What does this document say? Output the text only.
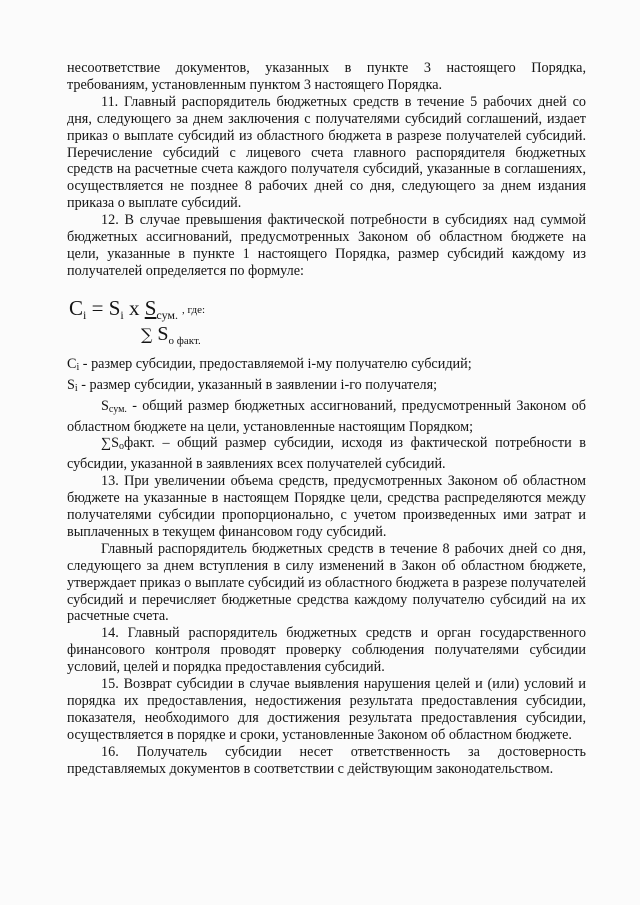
несоответствие документов, указанных в пункте 3 настоящего Порядка, требованиям, установленным пунктом 3 настоящего Порядка.

11. Главный распорядитель бюджетных средств в течение 5 рабочих дней со дня, следующего за днем заключения с получателями субсидий соглашений, издает приказ о выплате субсидий из областного бюджета в разрезе получателей субсидий. Перечисление субсидий с лицевого счета главного распорядителя бюджетных средств на расчетные счета каждого получателя субсидий, указанные в соглашениях, осуществляется не позднее 8 рабочих дней со дня, следующего за днем издания приказа о выплате субсидий.

12. В случае превышения фактической потребности в субсидиях над суммой бюджетных ассигнований, предусмотренных Законом об областном бюджете на цели, указанные в пункте 1 настоящего Порядка, размер субсидий каждому из получателей определяется по формуле:

$C_i = S_i$ x $S_{сум.}$ , где:
∑ $S_{о факт.}$

$C_i$ - размер субсидии, предоставляемой i-му получателю субсидий;

$S_i$ - размер субсидии, указанный в заявлении i-го получателя;

$S_{сум.}$ - общий размер бюджетных ассигнований, предусмотренный Законом об областном бюджете на цели, установленные настоящим Порядком;

$\sum S_офакт$. – общий размер субсидии, исходя из фактической потребности в субсидии, указанной в заявлениях всех получателей субсидий.

13. При увеличении объема средств, предусмотренных Законом об областном бюджете на указанные в настоящем Порядке цели, средства распределяются между получателями субсидии пропорционально, с учетом произведенных ими затрат и выплаченных в текущем финансовом году субсидий.

Главный распорядитель бюджетных средств в течение 8 рабочих дней со дня, следующего за днем вступления в силу изменений в Закон об областном бюджете, утверждает приказ о выплате субсидий из областного бюджета в разрезе получателей субсидий и перечисляет бюджетные средства каждому получателю субсидий на их расчетные счета.

14. Главный распорядитель бюджетных средств и орган государственного финансового контроля проводят проверку соблюдения получателями субсидии условий, целей и порядка предоставления субсидий.

15. Возврат субсидии в случае выявления нарушения целей и (или) условий и порядка их предоставления, недостижения результата предоставления субсидии, показателя, необходимого для достижения результата предоставления субсидии, осуществляется в порядке и сроки, установленные Законом об областном бюджете.

16. Получатель субсидии несет ответственность за достоверность представляемых документов в соответствии с действующим законодательством.
